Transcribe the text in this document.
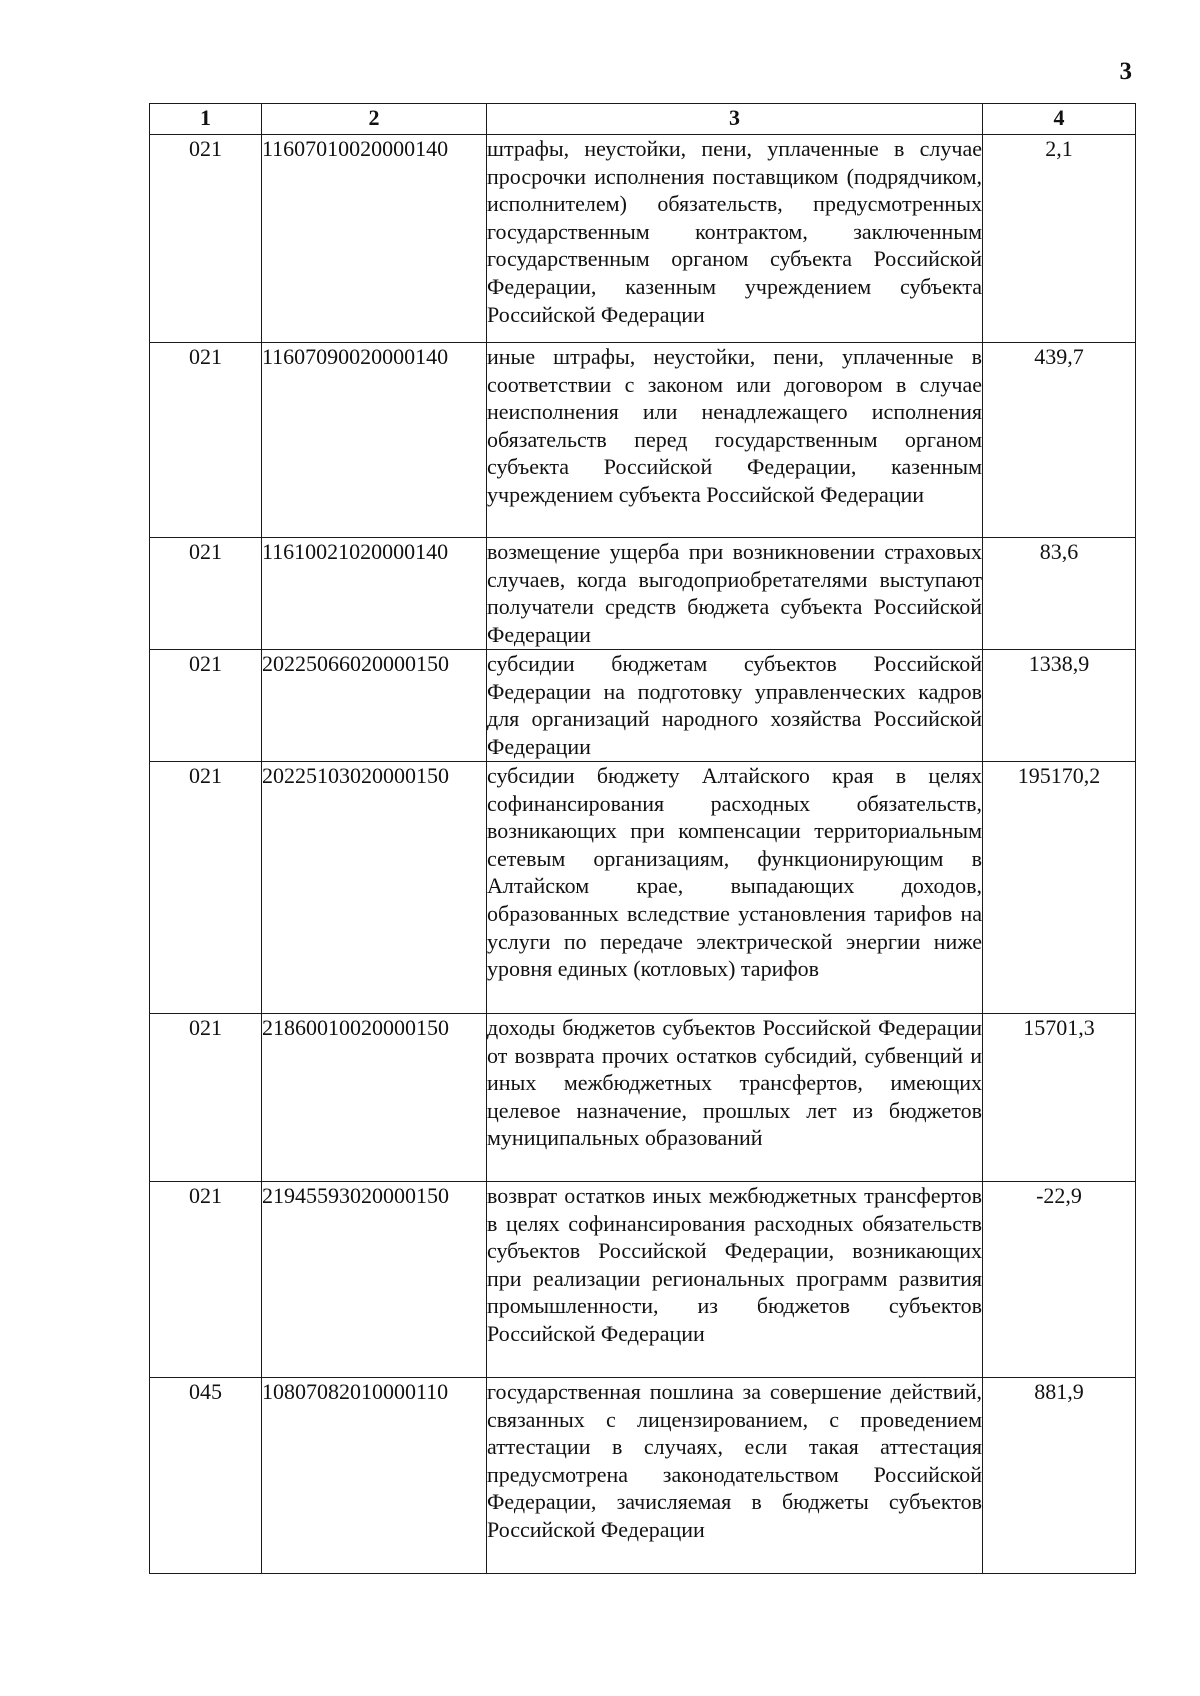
3
1	2	3	4
021	11607010020000140	штрафы, неустойки, пени, уплаченные в случае просрочки исполнения поставщиком (подрядчиком, исполнителем) обязательств, предусмотренных государственным контрактом, заключенным государственным органом субъекта Российской Федерации, казенным учреждением субъекта Российской Федерации	2,1
021	11607090020000140	иные штрафы, неустойки, пени, уплаченные в соответствии с законом или договором в случае неисполнения или ненадлежащего исполнения обязательств перед государственным органом субъекта Российской Федерации, казенным учреждением субъекта Российской Федерации	439,7
021	11610021020000140	возмещение ущерба при возникновении страховых случаев, когда выгодоприобретателями выступают получатели средств бюджета субъекта Российской Федерации	83,6
021	20225066020000150	субсидии бюджетам субъектов Российской Федерации на подготовку управленческих кадров для организаций народного хозяйства Российской Федерации	1338,9
021	20225103020000150	субсидии бюджету Алтайского края в целях софинансирования расходных обязательств, возникающих при компенсации территориальным сетевым организациям, функционирующим в Алтайском крае, выпадающих доходов, образованных вследствие установления тарифов на услуги по передаче электрической энергии ниже уровня единых (котловых) тарифов	195170,2
021	21860010020000150	доходы бюджетов субъектов Российской Федерации от возврата прочих остатков субсидий, субвенций и иных межбюджетных трансфертов, имеющих целевое назначение, прошлых лет из бюджетов муниципальных образований	15701,3
021	21945593020000150	возврат остатков иных межбюджетных трансфертов в целях софинансирования расходных обязательств субъектов Российской Федерации, возникающих при реализации региональных программ развития промышленности, из бюджетов субъектов Российской Федерации	-22,9
045	10807082010000110	государственная пошлина за совершение действий, связанных с лицензированием, с проведением аттестации в случаях, если такая аттестация предусмотрена законодательством Российской Федерации, зачисляемая в бюджеты субъектов Российской Федерации	881,9
